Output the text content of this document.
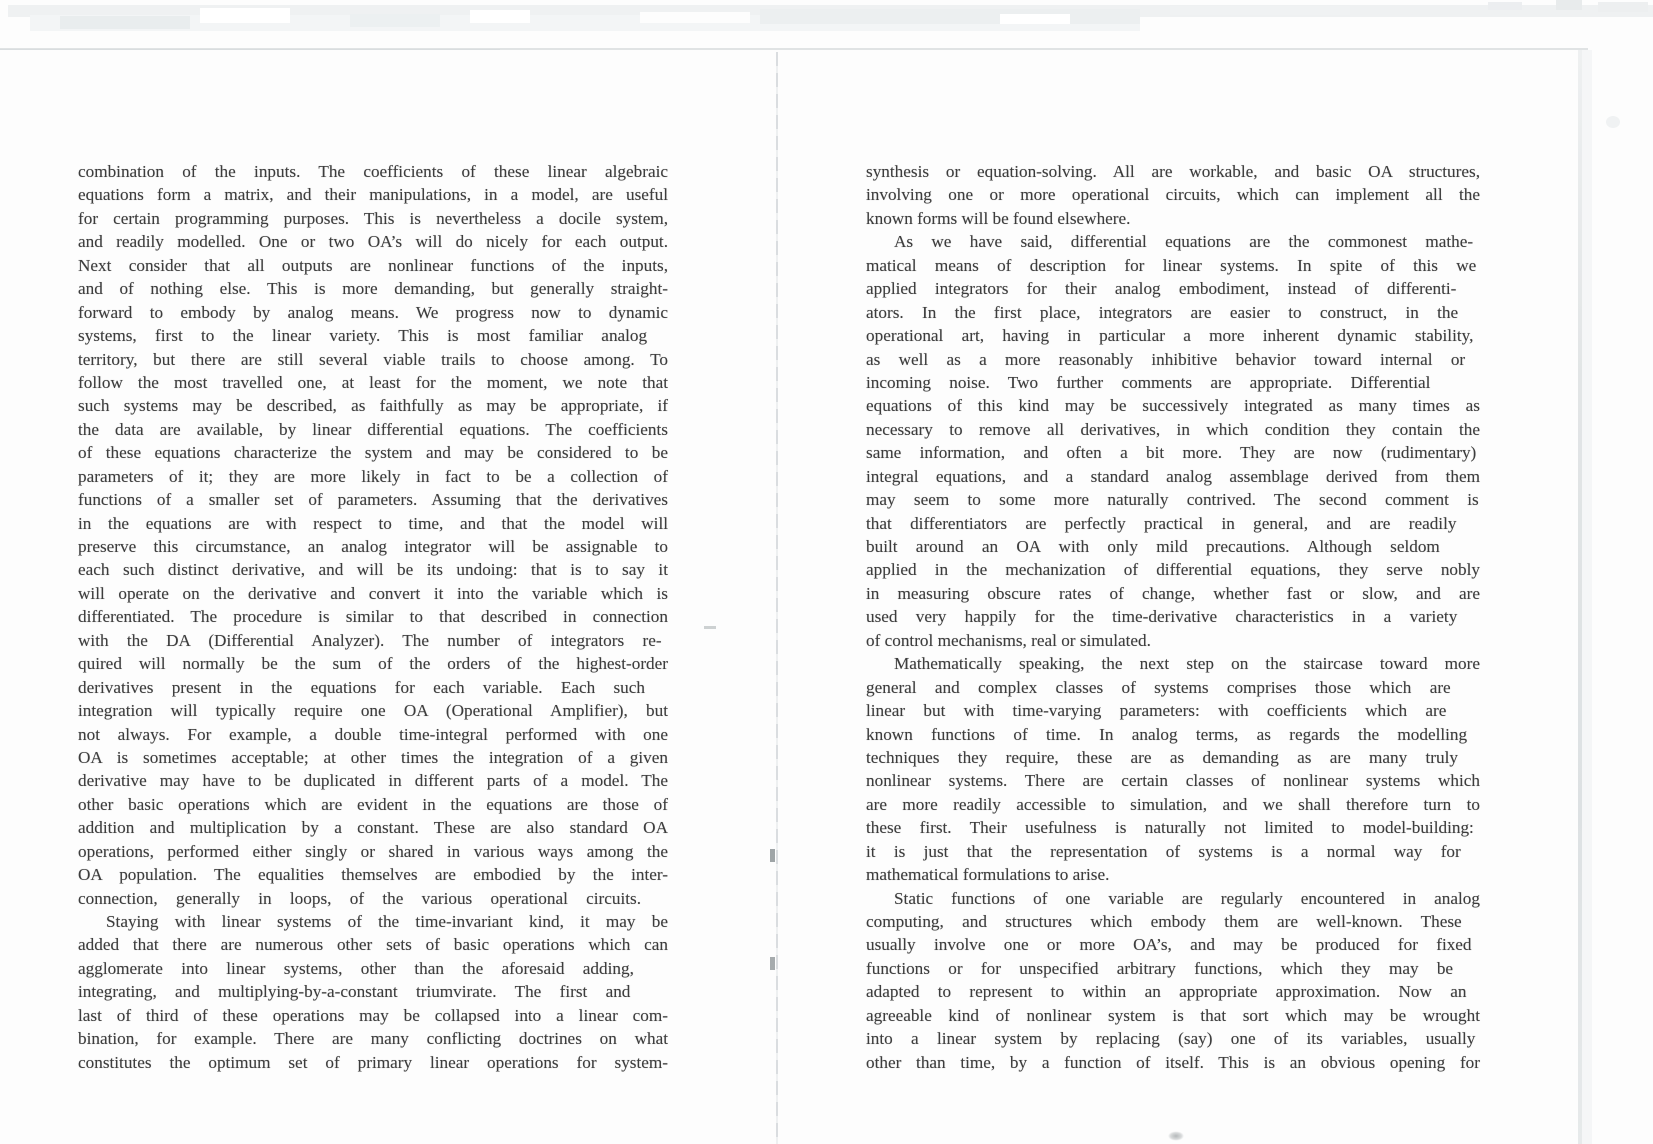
combination of the inputs. The coefficients of these linear algebraic
equations form a matrix, and their manipulations, in a model, are useful
for certain programming purposes. This is nevertheless a docile system,
and readily modelled. One or two OA’s will do nicely for each output.
Next consider that all outputs are nonlinear functions of the inputs,
and of nothing else. This is more demanding, but generally straight-
forward to embody by analog means. We progress now to dynamic
systems, first to the linear variety. This is most familiar analog
territory, but there are still several viable trails to choose among. To
follow the most travelled one, at least for the moment, we note that
such systems may be described, as faithfully as may be appropriate, if
the data are available, by linear differential equations. The coefficients
of these equations characterize the system and may be considered to be
parameters of it; they are more likely in fact to be a collection of
functions of a smaller set of parameters. Assuming that the derivatives
in the equations are with respect to time, and that the model will
preserve this circumstance, an analog integrator will be assignable to
each such distinct derivative, and will be its undoing: that is to say it
will operate on the derivative and convert it into the variable which is
differentiated. The procedure is similar to that described in connection
with the DA (Differential Analyzer). The number of integrators re-
quired will normally be the sum of the orders of the highest-order
derivatives present in the equations for each variable. Each such
integration will typically require one OA (Operational Amplifier), but
not always. For example, a double time-integral performed with one
OA is sometimes acceptable; at other times the integration of a given
derivative may have to be duplicated in different parts of a model. The
other basic operations which are evident in the equations are those of
addition and multiplication by a constant. These are also standard OA
operations, performed either singly or shared in various ways among the
OA population. The equalities themselves are embodied by the inter-
connection, generally in loops, of the various operational circuits.
Staying with linear systems of the time-invariant kind, it may be
added that there are numerous other sets of basic operations which can
agglomerate into linear systems, other than the aforesaid adding,
integrating, and multiplying-by-a-constant triumvirate. The first and
last of third of these operations may be collapsed into a linear com-
bination, for example. There are many conflicting doctrines on what
constitutes the optimum set of primary linear operations for system-
synthesis or equation-solving. All are workable, and basic OA structures,
involving one or more operational circuits, which can implement all the
known forms will be found elsewhere.
As we have said, differential equations are the commonest mathe-
matical means of description for linear systems. In spite of this we
applied integrators for their analog embodiment, instead of differenti-
ators. In the first place, integrators are easier to construct, in the
operational art, having in particular a more inherent dynamic stability,
as well as a more reasonably inhibitive behavior toward internal or
incoming noise. Two further comments are appropriate. Differential
equations of this kind may be successively integrated as many times as
necessary to remove all derivatives, in which condition they contain the
same information, and often a bit more. They are now (rudimentary)
integral equations, and a standard analog assemblage derived from them
may seem to some more naturally contrived. The second comment is
that differentiators are perfectly practical in general, and are readily
built around an OA with only mild precautions. Although seldom
applied in the mechanization of differential equations, they serve nobly
in measuring obscure rates of change, whether fast or slow, and are
used very happily for the time-derivative characteristics in a variety
of control mechanisms, real or simulated.
Mathematically speaking, the next step on the staircase toward more
general and complex classes of systems comprises those which are
linear but with time-varying parameters: with coefficients which are
known functions of time. In analog terms, as regards the modelling
techniques they require, these are as demanding as are many truly
nonlinear systems. There are certain classes of nonlinear systems which
are more readily accessible to simulation, and we shall therefore turn to
these first. Their usefulness is naturally not limited to model-building:
it is just that the representation of systems is a normal way for
mathematical formulations to arise.
Static functions of one variable are regularly encountered in analog
computing, and structures which embody them are well-known. These
usually involve one or more OA’s, and may be produced for fixed
functions or for unspecified arbitrary functions, which they may be
adapted to represent to within an appropriate approximation. Now an
agreeable kind of nonlinear system is that sort which may be wrought
into a linear system by replacing (say) one of its variables, usually
other than time, by a function of itself. This is an obvious opening for
